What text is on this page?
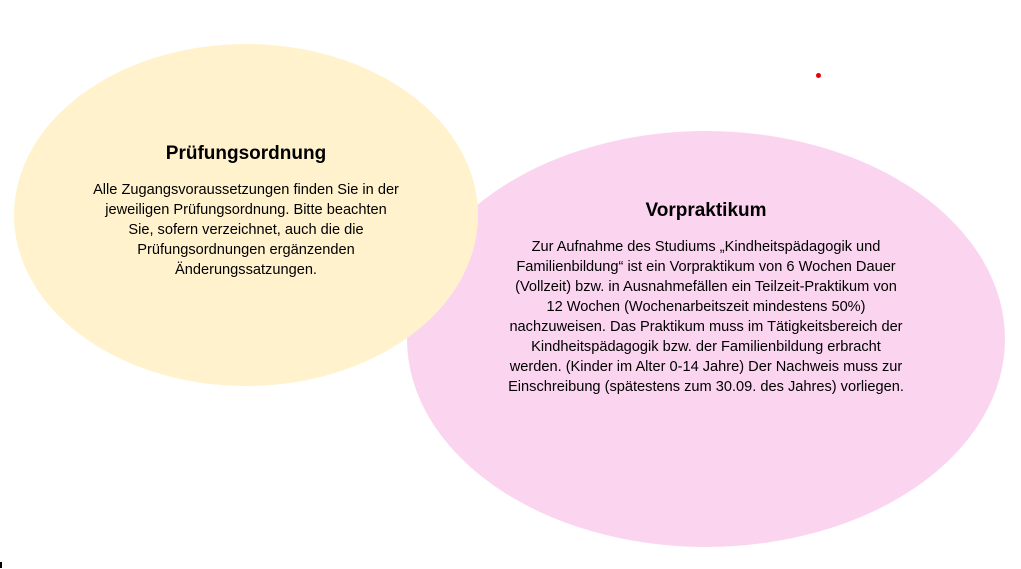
Prüfungsordnung

Alle Zugangsvoraussetzungen finden Sie in der jeweiligen Prüfungsordnung. Bitte beachten Sie, sofern verzeichnet, auch die die Prüfungsordnungen ergänzenden Änderungssatzungen.

Vorpraktikum

Zur Aufnahme des Studiums „Kindheitspädagogik und Familienbildung“ ist ein Vorpraktikum von 6 Wochen Dauer (Vollzeit) bzw. in Ausnahmefällen ein Teilzeit-Praktikum von 12 Wochen (Wochenarbeitszeit mindestens 50%) nachzuweisen. Das Praktikum muss im Tätigkeitsbereich der Kindheitspädagogik bzw. der Familienbildung erbracht werden. (Kinder im Alter 0-14 Jahre) Der Nachweis muss zur Einschreibung (spätestens zum 30.09. des Jahres) vorliegen.
